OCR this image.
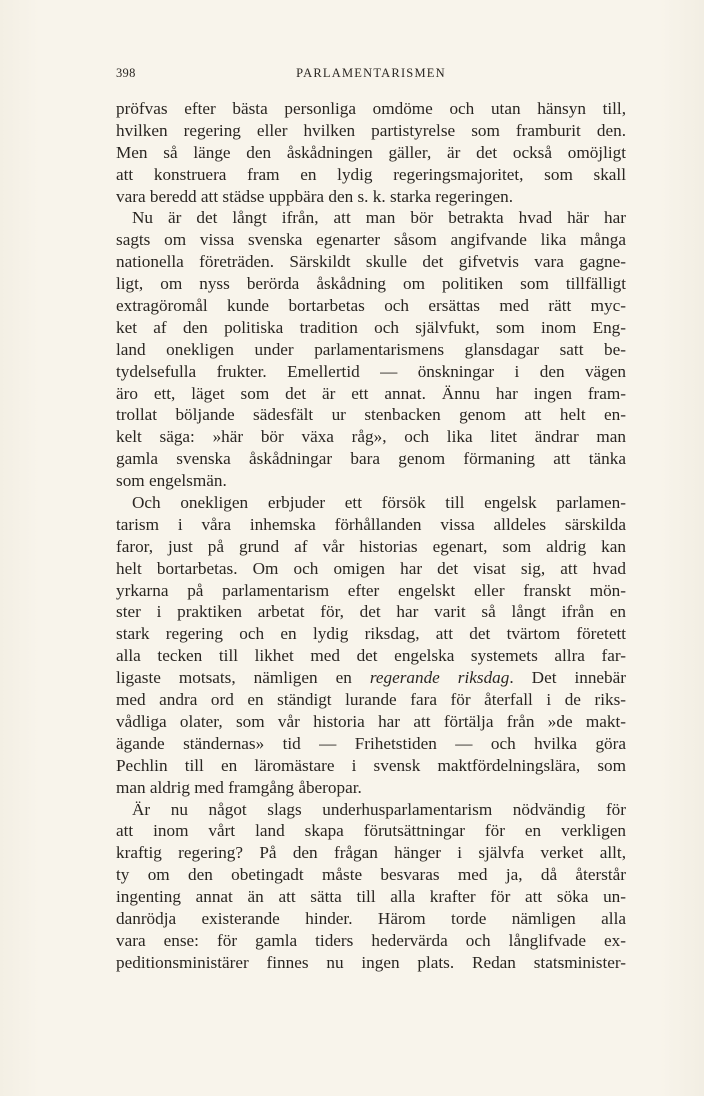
398	PARLAMENTARISMEN
pröfvas efter bästa personliga omdöme och utan hänsyn till,
hvilken regering eller hvilken partistyrelse som framburit den.
Men så länge den åskådningen gäller, är det också omöjligt
att konstruera fram en lydig regeringsmajoritet, som skall
vara beredd att städse uppbära den s. k. starka regeringen.
Nu är det långt ifrån, att man bör betrakta hvad här har
sagts om vissa svenska egenarter såsom angifvande lika många
nationella företräden. Särskildt skulle det gifvetvis vara gagne-
ligt, om nyss berörda åskådning om politiken som tillfälligt
extragöromål kunde bortarbetas och ersättas med rätt myc-
ket af den politiska tradition och självfukt, som inom Eng-
land onekligen under parlamentarismens glansdagar satt be-
tydelsefulla frukter. Emellertid — önskningar i den vägen
äro ett, läget som det är ett annat. Ännu har ingen fram-
trollat böljande sädesfält ur stenbacken genom att helt en-
kelt säga: »här bör växa råg», och lika litet ändrar man
gamla svenska åskådningar bara genom förmaning att tänka
som engelsmän.
Och onekligen erbjuder ett försök till engelsk parlamen-
tarism i våra inhemska förhållanden vissa alldeles särskilda
faror, just på grund af vår historias egenart, som aldrig kan
helt bortarbetas. Om och omigen har det visat sig, att hvad
yrkarna på parlamentarism efter engelskt eller franskt mön-
ster i praktiken arbetat för, det har varit så långt ifrån en
stark regering och en lydig riksdag, att det tvärtom företett
alla tecken till likhet med det engelska systemets allra far-
ligaste motsats, nämligen en regerande riksdag. Det innebär
med andra ord en ständigt lurande fara för återfall i de riks-
vådliga olater, som vår historia har att förtälja från »de makt-
ägande ständernas» tid — Frihetstiden — och hvilka göra
Pechlin till en läromästare i svensk maktfördelningslära, som
man aldrig med framgång åberopar.
Är nu något slags underhusparlamentarism nödvändig för
att inom vårt land skapa förutsättningar för en verkligen
kraftig regering? På den frågan hänger i självfa verket allt,
ty om den obetingadt måste besvaras med ja, då återstår
ingenting annat än att sätta till alla krafter för att söka un-
danrödja existerande hinder. Härom torde nämligen alla
vara ense: för gamla tiders hedervärda och långlifvade ex-
peditionsministärer finnes nu ingen plats. Redan statsminister-
